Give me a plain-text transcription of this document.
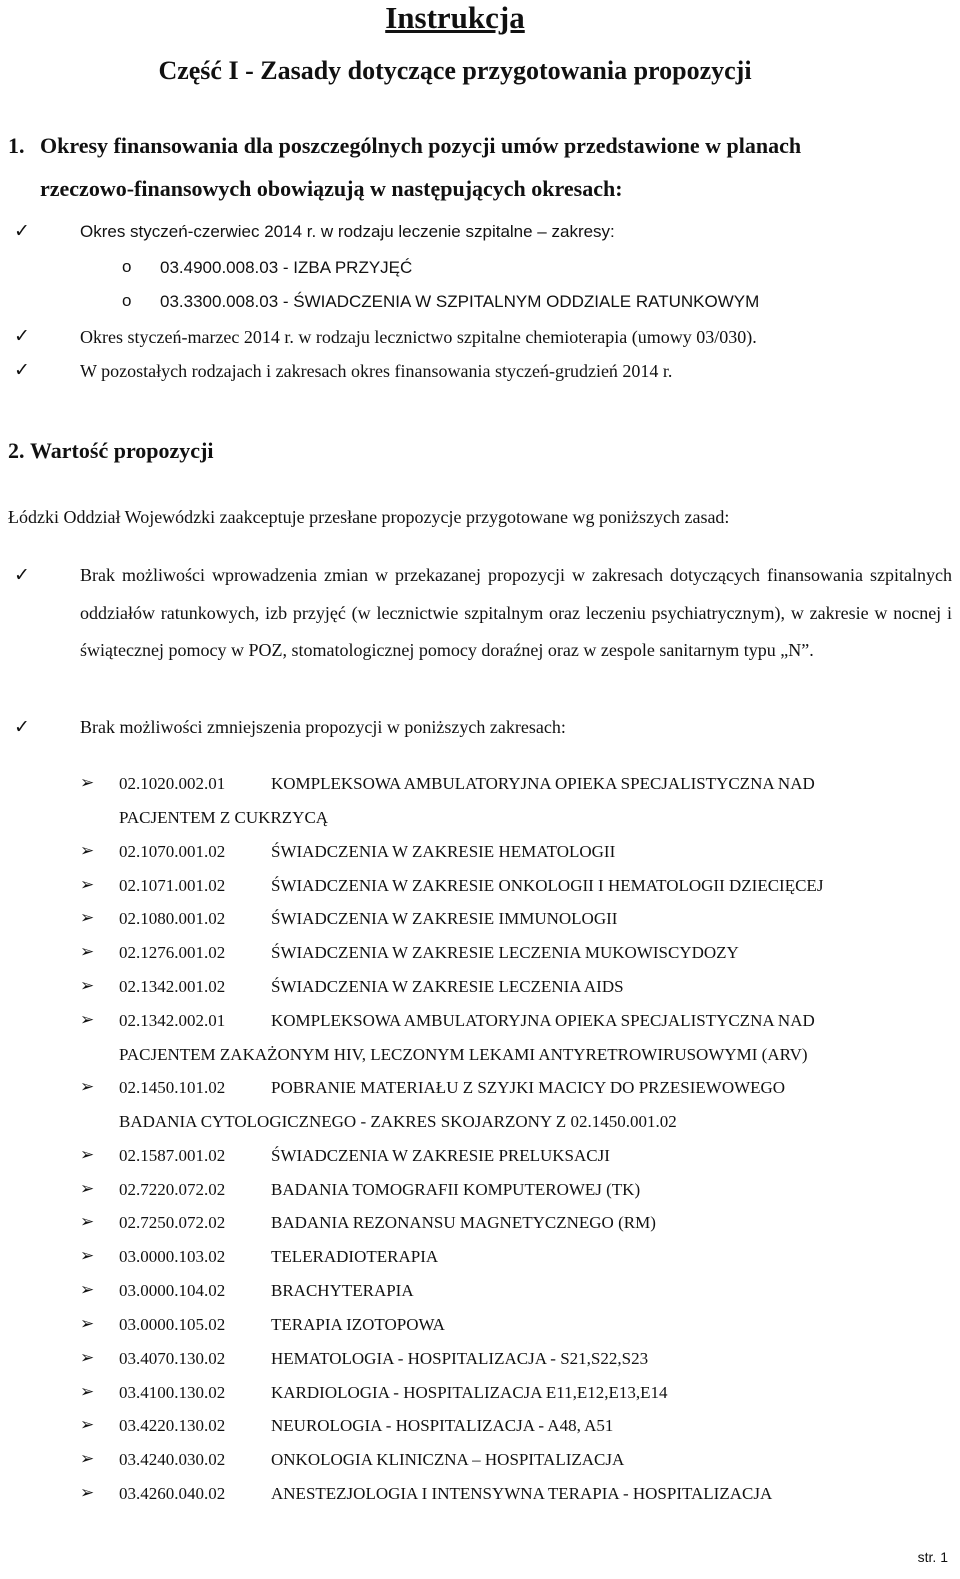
Instrukcja
Część I - Zasady dotyczące przygotowania propozycji
1. Okresy finansowania dla poszczególnych pozycji umów przedstawione w planach
rzeczowo-finansowych obowiązują w następujących okresach:
✓	Okres styczeń-czerwiec 2014 r. w rodzaju leczenie szpitalne – zakresy:
o 03.4900.008.03 - IZBA PRZYJĘĆ
o 03.3300.008.03 - ŚWIADCZENIA W SZPITALNYM ODDZIALE RATUNKOWYM
✓	Okres styczeń-marzec 2014 r. w rodzaju lecznictwo szpitalne chemioterapia (umowy 03/030).
✓	W pozostałych rodzajach i zakresach okres finansowania styczeń-grudzień 2014 r.
2. Wartość propozycji
Łódzki Oddział Wojewódzki zaakceptuje przesłane propozycje przygotowane wg poniższych zasad:
✓	Brak możliwości wprowadzenia zmian w przekazanej propozycji w zakresach dotyczących finansowania szpitalnych oddziałów ratunkowych, izb przyjęć (w lecznictwie szpitalnym oraz leczeniu psychiatrycznym), w zakresie w nocnej i świątecznej pomocy w POZ, stomatologicznej pomocy doraźnej oraz w zespole sanitarnym typu „N”.
✓	Brak możliwości zmniejszenia propozycji w poniższych zakresach:
➢ 02.1020.002.01	KOMPLEKSOWA AMBULATORYJNA OPIEKA SPECJALISTYCZNA NAD
PACJENTEM Z CUKRZYCĄ
➢ 02.1070.001.02	ŚWIADCZENIA W ZAKRESIE HEMATOLOGII
➢ 02.1071.001.02	ŚWIADCZENIA W ZAKRESIE ONKOLOGII I HEMATOLOGII DZIECIĘCEJ
➢ 02.1080.001.02	ŚWIADCZENIA W ZAKRESIE IMMUNOLOGII
➢ 02.1276.001.02	ŚWIADCZENIA W ZAKRESIE LECZENIA MUKOWISCYDOZY
➢ 02.1342.001.02	ŚWIADCZENIA W ZAKRESIE LECZENIA AIDS
➢ 02.1342.002.01	KOMPLEKSOWA AMBULATORYJNA OPIEKA SPECJALISTYCZNA NAD
PACJENTEM ZAKAŻONYM HIV, LECZONYM LEKAMI ANTYRETROWIRUSOWYMI (ARV)
➢ 02.1450.101.02	POBRANIE MATERIAŁU Z SZYJKI MACICY DO PRZESIEWOWEGO
BADANIA CYTOLOGICZNEGO - ZAKRES SKOJARZONY Z 02.1450.001.02
➢ 02.1587.001.02	ŚWIADCZENIA W ZAKRESIE PRELUKSACJI
➢ 02.7220.072.02	BADANIA TOMOGRAFII KOMPUTEROWEJ (TK)
➢ 02.7250.072.02	BADANIA REZONANSU MAGNETYCZNEGO (RM)
➢ 03.0000.103.02	TELERADIOTERAPIA
➢ 03.0000.104.02	BRACHYTERAPIA
➢ 03.0000.105.02	TERAPIA IZOTOPOWA
➢ 03.4070.130.02	HEMATOLOGIA - HOSPITALIZACJA - S21,S22,S23
➢ 03.4100.130.02	KARDIOLOGIA - HOSPITALIZACJA E11,E12,E13,E14
➢ 03.4220.130.02	NEUROLOGIA - HOSPITALIZACJA - A48, A51
➢ 03.4240.030.02	ONKOLOGIA KLINICZNA – HOSPITALIZACJA
➢ 03.4260.040.02	ANESTEZJOLOGIA I INTENSYWNA TERAPIA - HOSPITALIZACJA
str. 1
